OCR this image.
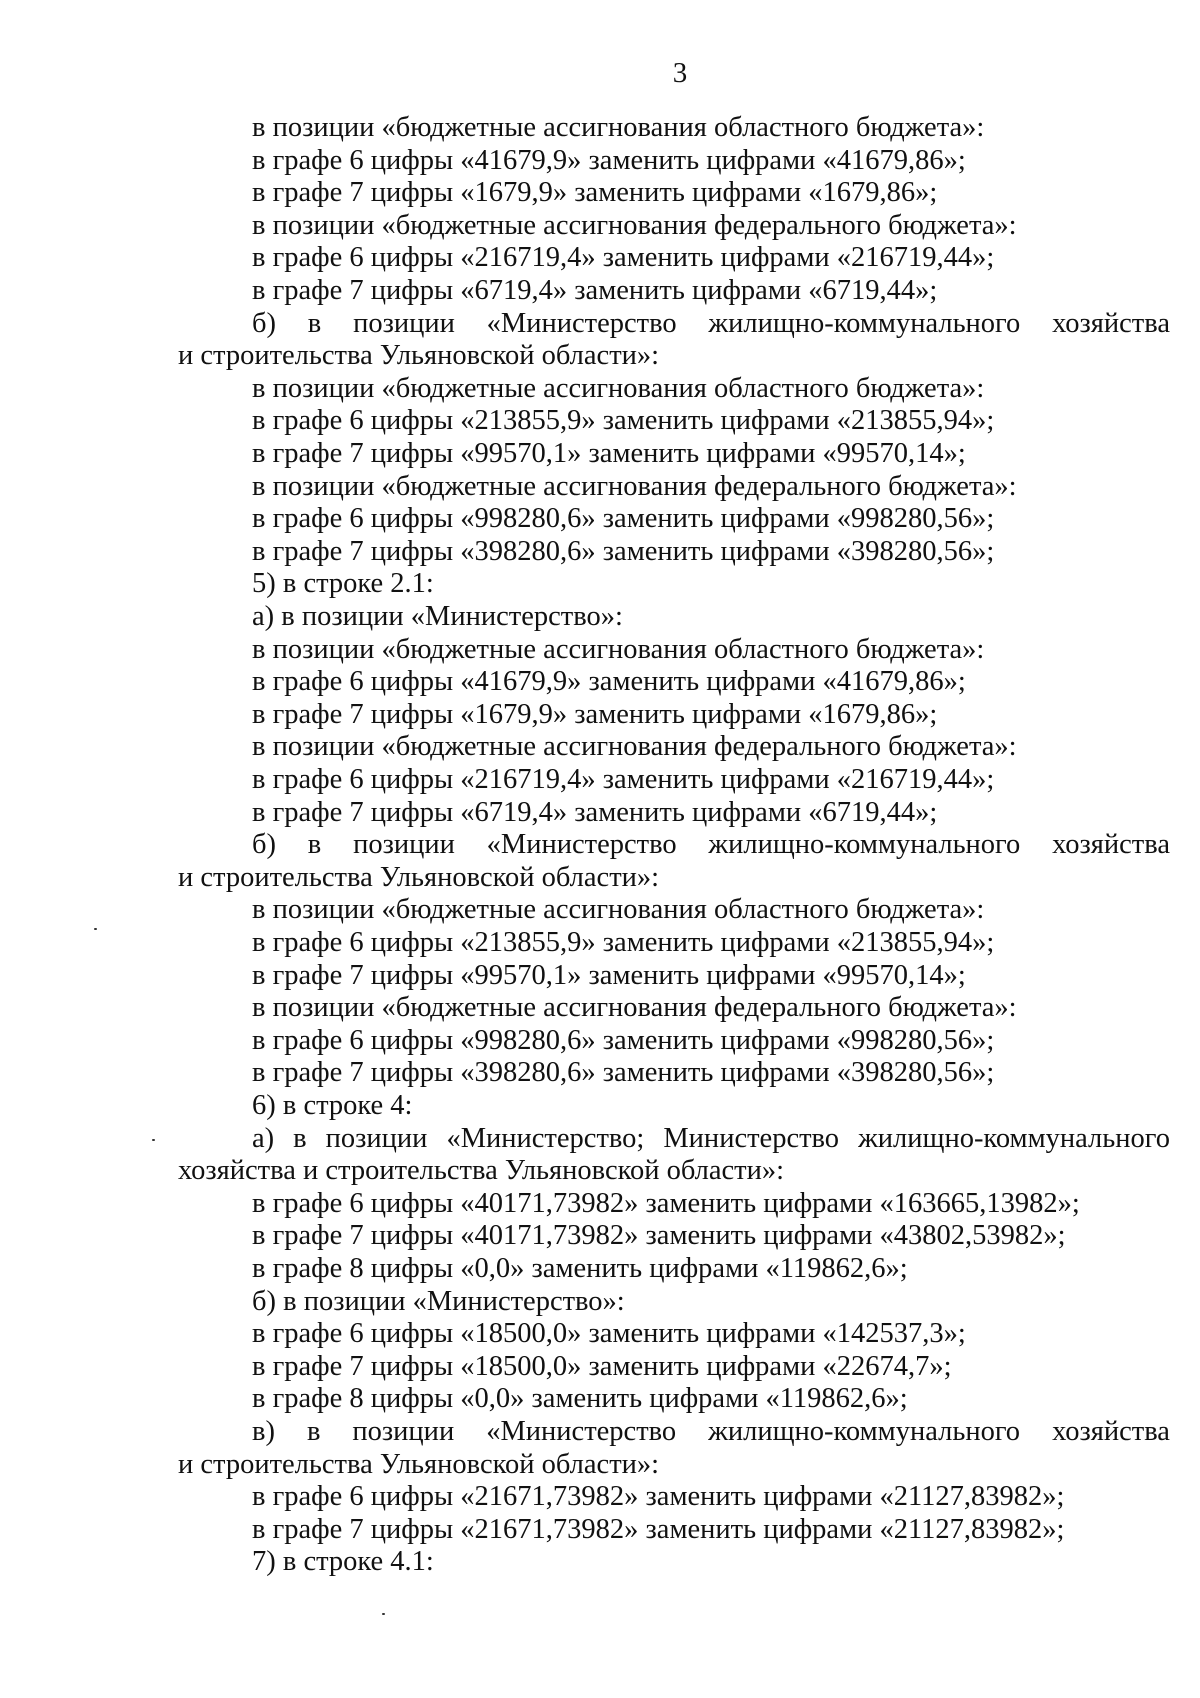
3
в позиции «бюджетные ассигнования областного бюджета»:
в графе 6 цифры «41679,9» заменить цифрами «41679,86»;
в графе 7 цифры «1679,9» заменить цифрами «1679,86»;
в позиции «бюджетные ассигнования федерального бюджета»:
в графе 6 цифры «216719,4» заменить цифрами «216719,44»;
в графе 7 цифры «6719,4» заменить цифрами «6719,44»;
б) в позиции «Министерство жилищно-коммунального хозяйства
и строительства Ульяновской области»:
в позиции «бюджетные ассигнования областного бюджета»:
в графе 6 цифры «213855,9» заменить цифрами «213855,94»;
в графе 7 цифры «99570,1» заменить цифрами «99570,14»;
в позиции «бюджетные ассигнования федерального бюджета»:
в графе 6 цифры «998280,6» заменить цифрами «998280,56»;
в графе 7 цифры «398280,6» заменить цифрами «398280,56»;
5) в строке 2.1:
а) в позиции «Министерство»:
в позиции «бюджетные ассигнования областного бюджета»:
в графе 6 цифры «41679,9» заменить цифрами «41679,86»;
в графе 7 цифры «1679,9» заменить цифрами «1679,86»;
в позиции «бюджетные ассигнования федерального бюджета»:
в графе 6 цифры «216719,4» заменить цифрами «216719,44»;
в графе 7 цифры «6719,4» заменить цифрами «6719,44»;
б) в позиции «Министерство жилищно-коммунального хозяйства
и строительства Ульяновской области»:
в позиции «бюджетные ассигнования областного бюджета»:
в графе 6 цифры «213855,9» заменить цифрами «213855,94»;
в графе 7 цифры «99570,1» заменить цифрами «99570,14»;
в позиции «бюджетные ассигнования федерального бюджета»:
в графе 6 цифры «998280,6» заменить цифрами «998280,56»;
в графе 7 цифры «398280,6» заменить цифрами «398280,56»;
6) в строке 4:
а) в позиции «Министерство; Министерство жилищно-коммунального
хозяйства и строительства Ульяновской области»:
в графе 6 цифры «40171,73982» заменить цифрами «163665,13982»;
в графе 7 цифры «40171,73982» заменить цифрами «43802,53982»;
в графе 8 цифры «0,0» заменить цифрами «119862,6»;
б) в позиции «Министерство»:
в графе 6 цифры «18500,0» заменить цифрами «142537,3»;
в графе 7 цифры «18500,0» заменить цифрами «22674,7»;
в графе 8 цифры «0,0» заменить цифрами «119862,6»;
в) в позиции «Министерство жилищно-коммунального хозяйства
и строительства Ульяновской области»:
в графе 6 цифры «21671,73982» заменить цифрами «21127,83982»;
в графе 7 цифры «21671,73982» заменить цифрами «21127,83982»;
7) в строке 4.1:
